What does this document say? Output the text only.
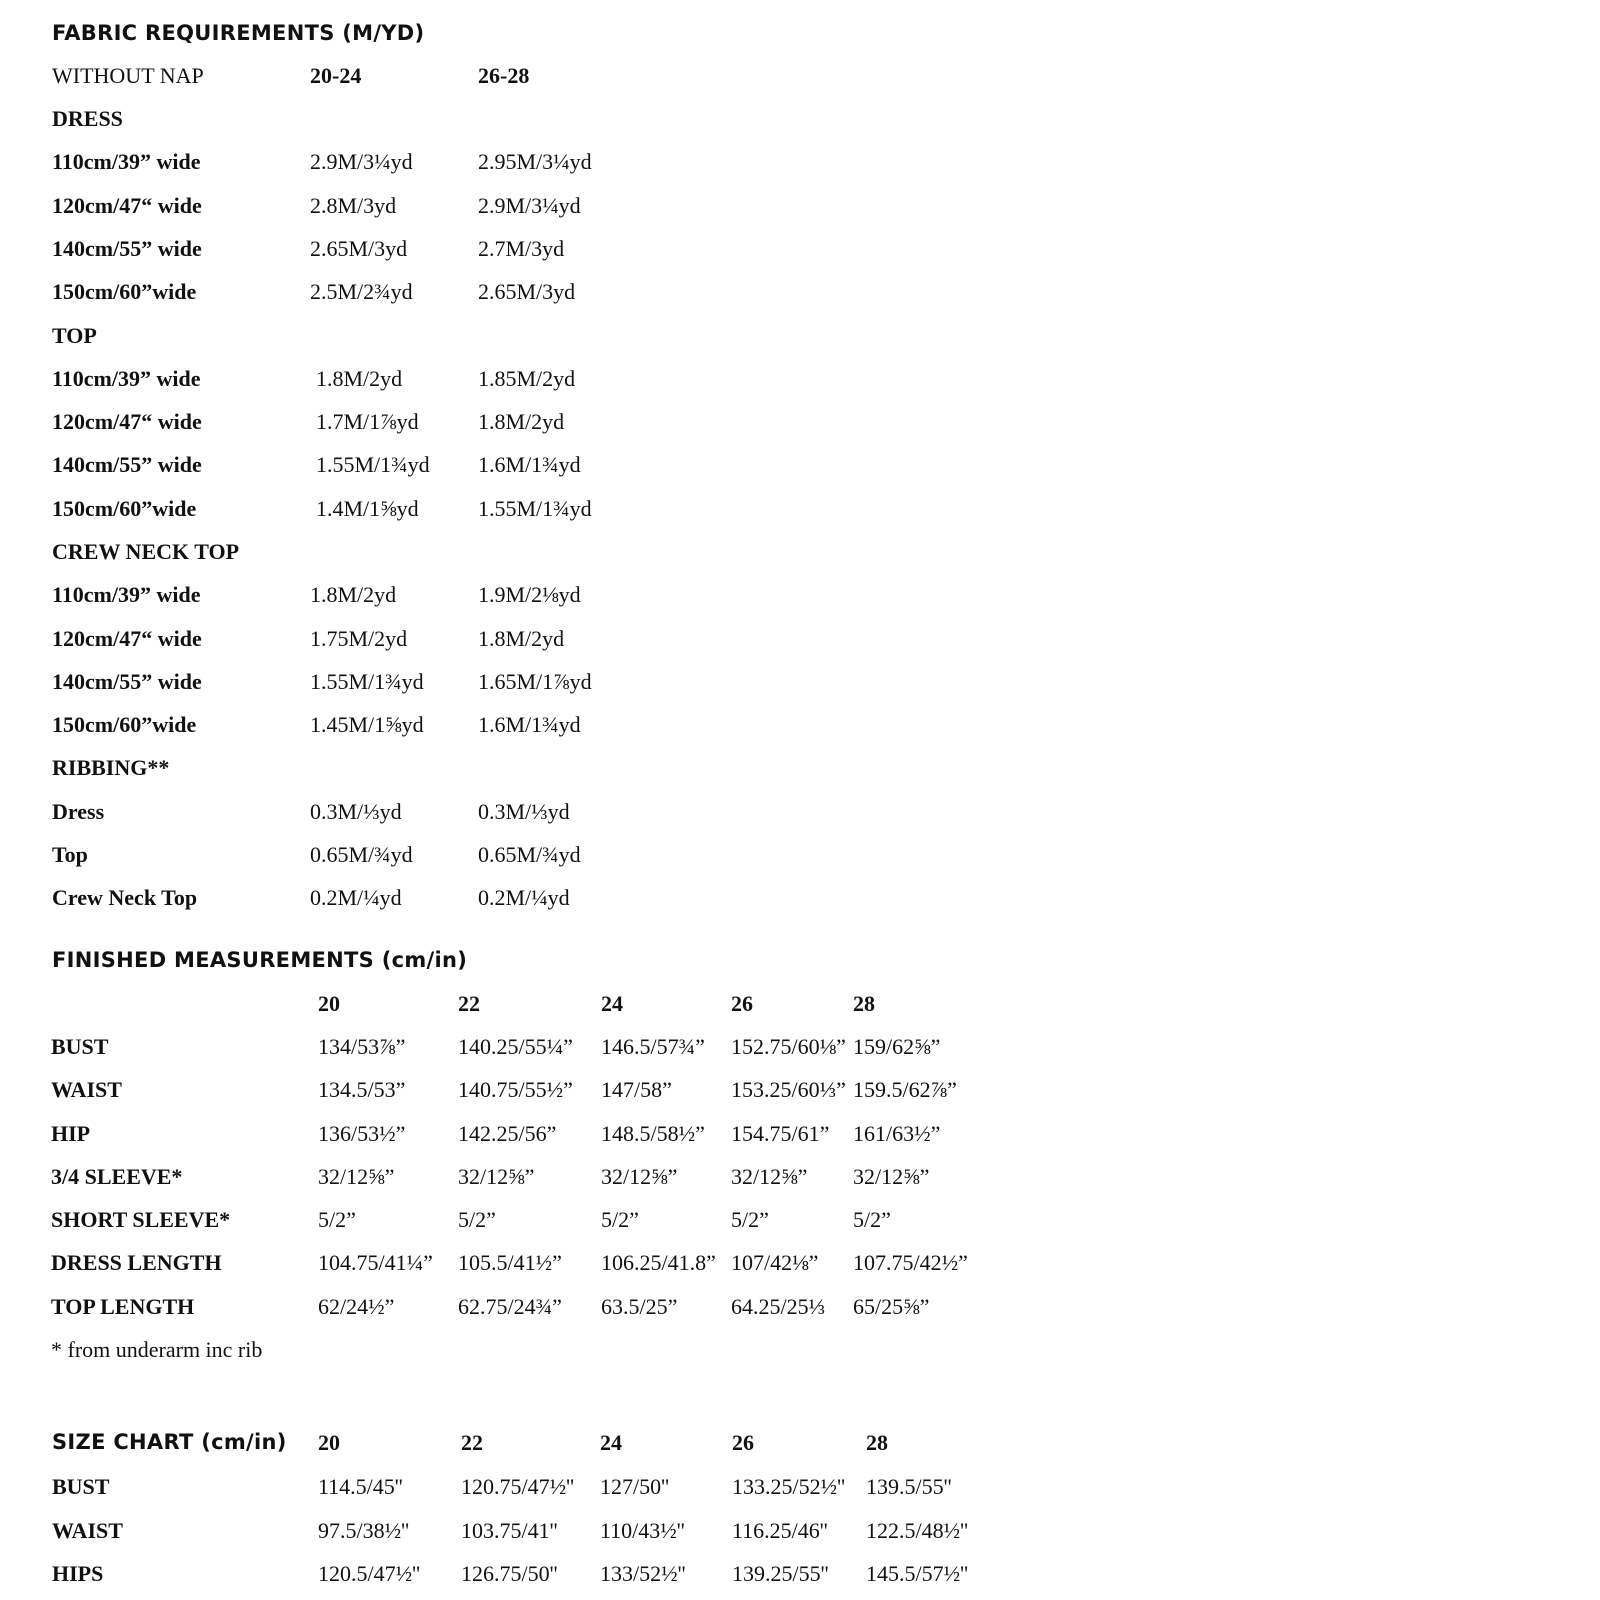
FABRIC REQUIREMENTS (M/YD)
WITHOUT NAP	20-24	26-28
DRESS
110cm/39” wide	2.9M/3¼yd	2.95M/3¼yd
120cm/47“ wide	2.8M/3yd	2.9M/3¼yd
140cm/55” wide	2.65M/3yd	2.7M/3yd
150cm/60”wide	2.5M/2¾yd	2.65M/3yd
TOP
110cm/39” wide	1.8M/2yd	1.85M/2yd
120cm/47“ wide	1.7M/1⅞yd	1.8M/2yd
140cm/55” wide	1.55M/1¾yd 1.6M/1¾yd
150cm/60”wide	1.4M/1⅝yd	1.55M/1¾yd
CREW NECK TOP
110cm/39” wide	1.8M/2yd	1.9M/2⅛yd
120cm/47“ wide	1.75M/2yd	1.8M/2yd
140cm/55” wide	1.55M/1¾yd 1.65M/1⅞yd
150cm/60”wide	1.45M/1⅝yd 1.6M/1¾yd
RIBBING**
Dress	0.3M/⅓yd	0.3M/⅓yd
Top	0.65M/¾yd	0.65M/¾yd
Crew Neck Top	0.2M/¼yd	0.2M/¼yd
FINISHED MEASUREMENTS (cm/in)
20	22	24	26	28
BUST	134/53⅞” 140.25/55¼” 146.5/57¾” 152.75/60⅛” 159/62⅝”
WAIST	134.5/53” 140.75/55½” 147/58”	153.25/60⅓” 159.5/62⅞”
HIP	136/53½” 142.25/56” 148.5/58½” 154.75/61” 161/63½”
3/4 SLEEVE*	32/12⅝”	32/12⅝”	32/12⅝” 32/12⅝” 32/12⅝”
SHORT SLEEVE*	5/2”	5/2”	5/2”	5/2”	5/2”
DRESS LENGTH	104.75/41¼” 105.5/41½” 106.25/41.8” 107/42⅛” 107.75/42½”
TOP LENGTH	62/24½”	62.75/24¾” 63.5/25” 64.25/25⅓ 65/25⅝”
* from underarm inc rib
SIZE CHART (cm/in) 20	22	24	26	28
BUST	114.5/45''	120.75/47½'' 127/50''	133.25/52½'' 139.5/55''
WAIST	97.5/38½'' 103.75/41'' 110/43½'' 116.25/46'' 122.5/48½''
HIPS	120.5/47½'' 126.75/50'' 133/52½'' 139.25/55'' 145.5/57½''
